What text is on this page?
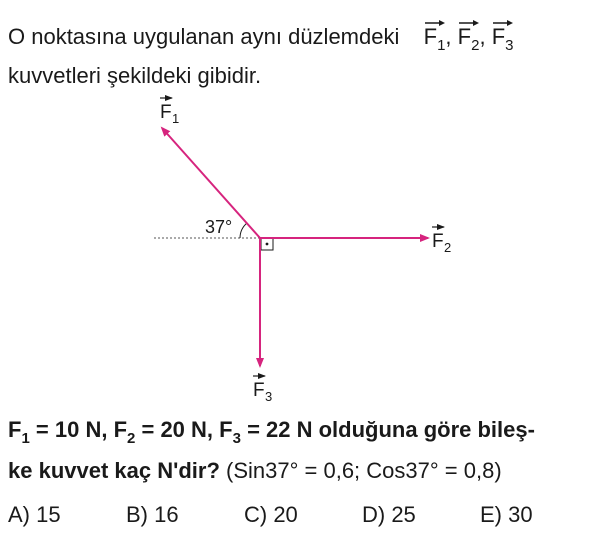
O noktasına uygulanan aynı düzlemdeki $F_1$, $F_2$, $F_3$
kuvvetleri şekildeki gibidir.
37°
F 1
F 2
F 3
$F_1 = 10$ N, $F_2 = 20$ N, $F_3 = 22$ N olduğuna göre bileş-
ke kuvvet kaç N'dir? (Sin37° = 0,6; Cos37° = 0,8)
A) 15	B) 16	C) 20	D) 25	E) 30
